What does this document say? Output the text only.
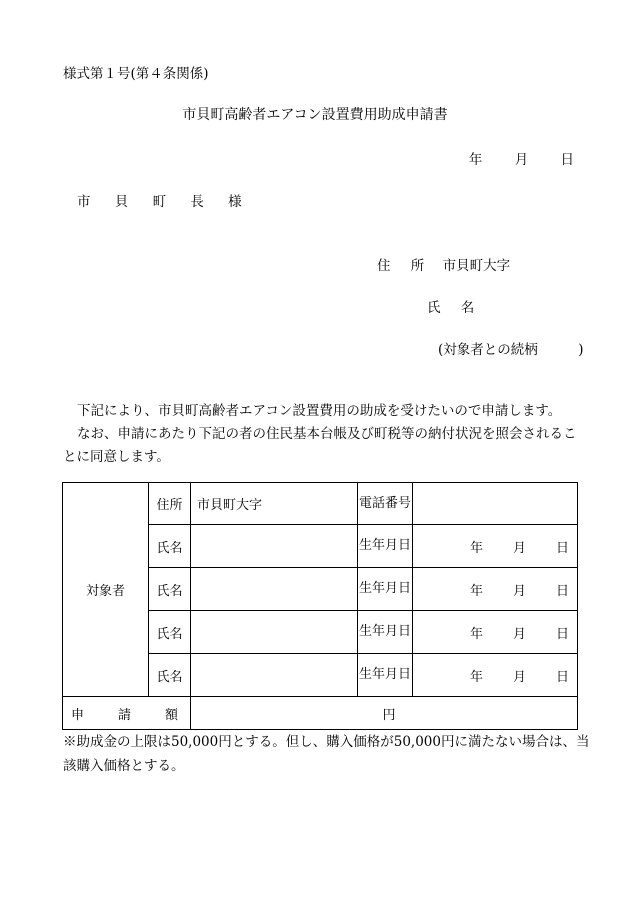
様式第１号(第４条関係)
市貝町高齢者エアコン設置費用助成申請書
年 月 日
市 貝 町 長 様
住 所 市貝町大字
氏 名
(対象者との続柄　　　)

下記により、市貝町高齢者エアコン設置費用の助成を受けたいので申請します。

なお、申請にあたり下記の者の住民基本台帳及び町税等の納付状況を照会されることに同意します。

対象者	住所	市貝町大字	電話番号	
	氏名		生年月日	年 月 日
	氏名		生年月日	年 月 日
	氏名		生年月日	年 月 日
	氏名		生年月日	年 月 日
申 請 額		円		
※助成金の上限は50,000円とする。但し、購入価格が50,000円に満たない場合は、当該購入価格とする。
